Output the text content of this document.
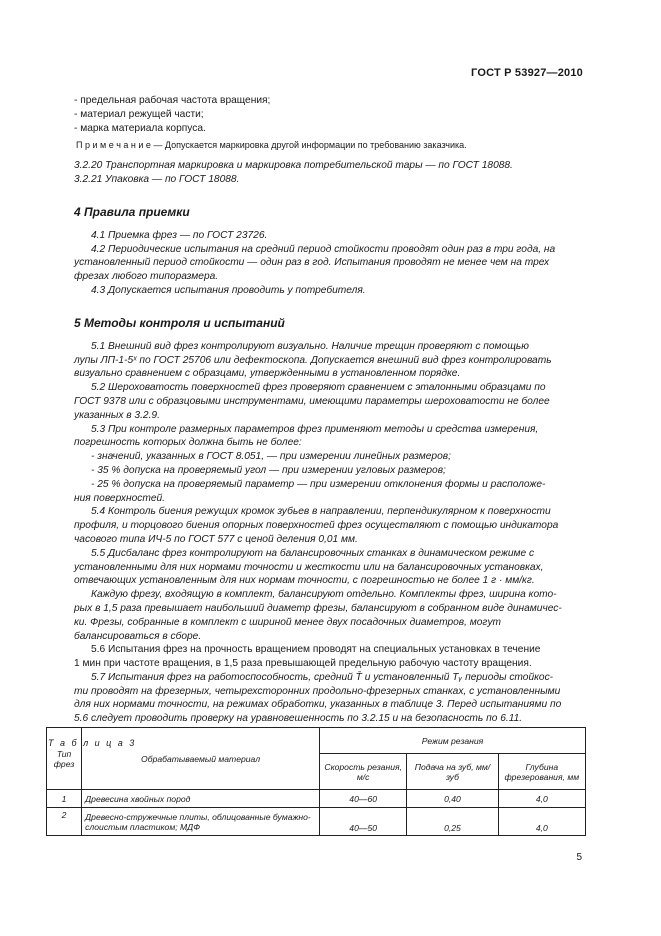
ГОСТ Р 53927—2010
- предельная рабочая частота вращения;
- материал режущей части;
- марка материала корпуса.
П р и м е ч а н и е — Допускается маркировка другой информации по требованию заказчика.
3.2.20 Транспортная маркировка и маркировка потребительской тары — по ГОСТ 18088.
3.2.21 Упаковка — по ГОСТ 18088.
4 Правила приемки
4.1 Приемка фрез — по ГОСТ 23726.
4.2 Периодические испытания на средний период стойкости проводят один раз в три года, на
установленный период стойкости — один раз в год. Испытания проводят не менее чем на трех
фрезах любого типоразмера.
4.3 Допускается испытания проводить у потребителя.
5 Методы контроля и испытаний
5.1 Внешний вид фрез контролируют визуально. Наличие трещин проверяют с помощью
лупы ЛП-1-5ˣ по ГОСТ 25706 или дефектоскопа. Допускается внешний вид фрез контролировать
визуально сравнением с образцами, утвержденными в установленном порядке.
5.2 Шероховатость поверхностей фрез проверяют сравнением с эталонными образцами по
ГОСТ 9378 или с образцовыми инструментами, имеющими параметры шероховатости не более
указанных в 3.2.9.
5.3 При контроле размерных параметров фрез применяют методы и средства измерения,
погрешность которых должна быть не более:
- значений, указанных в ГОСТ 8.051, — при измерении линейных размеров;
- 35 % допуска на проверяемый угол — при измерении угловых размеров;
- 25 % допуска на проверяемый параметр — при измерении отклонения формы и расположе-
ния поверхностей.
5.4 Контроль биения режущих кромок зубьев в направлении, перпендикулярном к поверхности
профиля, и торцового биения опорных поверхностей фрез осуществляют с помощью индикатора
часового типа ИЧ-5 по ГОСТ 577 с ценой деления 0,01 мм.
5.5 Дисбаланс фрез контролируют на балансировочных станках в динамическом режиме с
установленными для них нормами точности и жесткости или на балансировочных установках,
отвечающих установленным для них нормам точности, с погрешностью не более 1 г · мм/кг.
Каждую фрезу, входящую в комплект, балансируют отдельно. Комплекты фрез, ширина кото-
рых в 1,5 раза превышает наибольший диаметр фрезы, балансируют в собранном виде динамичес-
ки. Фрезы, собранные в комплект с шириной менее двух посадочных диаметров, могут
балансироваться в сборе.
5.6 Испытания фрез на прочность вращением проводят на специальных установках в течение
1 мин при частоте вращения, в 1,5 раза превышающей предельную рабочую частоту вращения.
5.7 Испытания фрез на работоспособность, средний T̄ и установленный Tᵧ периоды стойкос-
ти проводят на фрезерных, четырехсторонних продольно-фрезерных станках, с установленными
для них нормами точности, на режимах обработки, указанных в таблице 3. Перед испытаниями по
5.6 следует проводить проверку на уравновешенность по 3.2.15 и на безопасность по 6.11.
Т а б л и ц а 3
Тип фрез	Обрабатываемый материал	Режим резания		
		Скорость резания, м/с	Подача на зуб, мм/зуб	Глубина фрезерования, мм
1	Древесина хвойных пород	40—60	0,40	4,0
2	Древесно-стружечные плиты, облицованные бумажно-слоистым пластиком; МДФ	40—50	0,25	4,0
5
